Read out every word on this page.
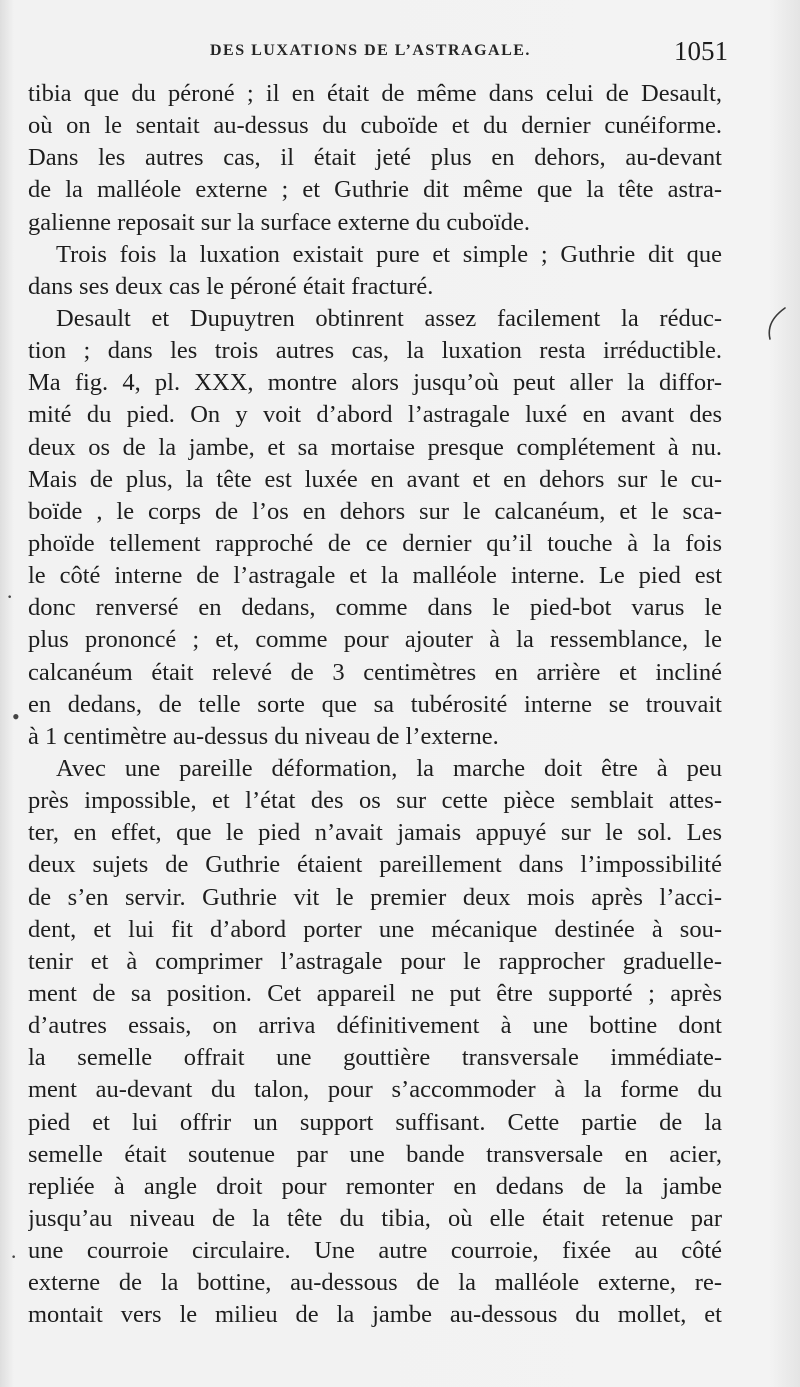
DES LUXATIONS DE L’ASTRAGALE.	1051
tibia que du péroné ; il en était de même dans celui de Desault,
où on le sentait au-dessus du cuboïde et du dernier cunéiforme.
Dans les autres cas, il était jeté plus en dehors, au-devant
de la malléole externe ; et Guthrie dit même que la tête astra-
galienne reposait sur la surface externe du cuboïde.
Trois fois la luxation existait pure et simple ; Guthrie dit que
dans ses deux cas le péroné était fracturé.
Desault et Dupuytren obtinrent assez facilement la réduc-
tion ; dans les trois autres cas, la luxation resta irréductible.
Ma fig. 4, pl. XXX, montre alors jusqu’où peut aller la diffor-
mité du pied. On y voit d’abord l’astragale luxé en avant des
deux os de la jambe, et sa mortaise presque complétement à nu.
Mais de plus, la tête est luxée en avant et en dehors sur le cu-
boïde , le corps de l’os en dehors sur le calcanéum, et le sca-
phoïde tellement rapproché de ce dernier qu’il touche à la fois
le côté interne de l’astragale et la malléole interne. Le pied est
donc renversé en dedans, comme dans le pied-bot varus le
plus prononcé ; et, comme pour ajouter à la ressemblance, le
calcanéum était relevé de 3 centimètres en arrière et incliné
en dedans, de telle sorte que sa tubérosité interne se trouvait
à 1 centimètre au-dessus du niveau de l’externe.
Avec une pareille déformation, la marche doit être à peu
près impossible, et l’état des os sur cette pièce semblait attes-
ter, en effet, que le pied n’avait jamais appuyé sur le sol. Les
deux sujets de Guthrie étaient pareillement dans l’impossibilité
de s’en servir. Guthrie vit le premier deux mois après l’acci-
dent, et lui fit d’abord porter une mécanique destinée à sou-
tenir et à comprimer l’astragale pour le rapprocher graduelle-
ment de sa position. Cet appareil ne put être supporté ; après
d’autres essais, on arriva définitivement à une bottine dont
la semelle offrait une gouttière transversale immédiate-
ment au-devant du talon, pour s’accommoder à la forme du
pied et lui offrir un support suffisant. Cette partie de la
semelle était soutenue par une bande transversale en acier,
repliée à angle droit pour remonter en dedans de la jambe
jusqu’au niveau de la tête du tibia, où elle était retenue par
une courroie circulaire. Une autre courroie, fixée au côté
externe de la bottine, au-dessous de la malléole externe, re-
montait vers le milieu de la jambe au-dessous du mollet, et
•
·
·
